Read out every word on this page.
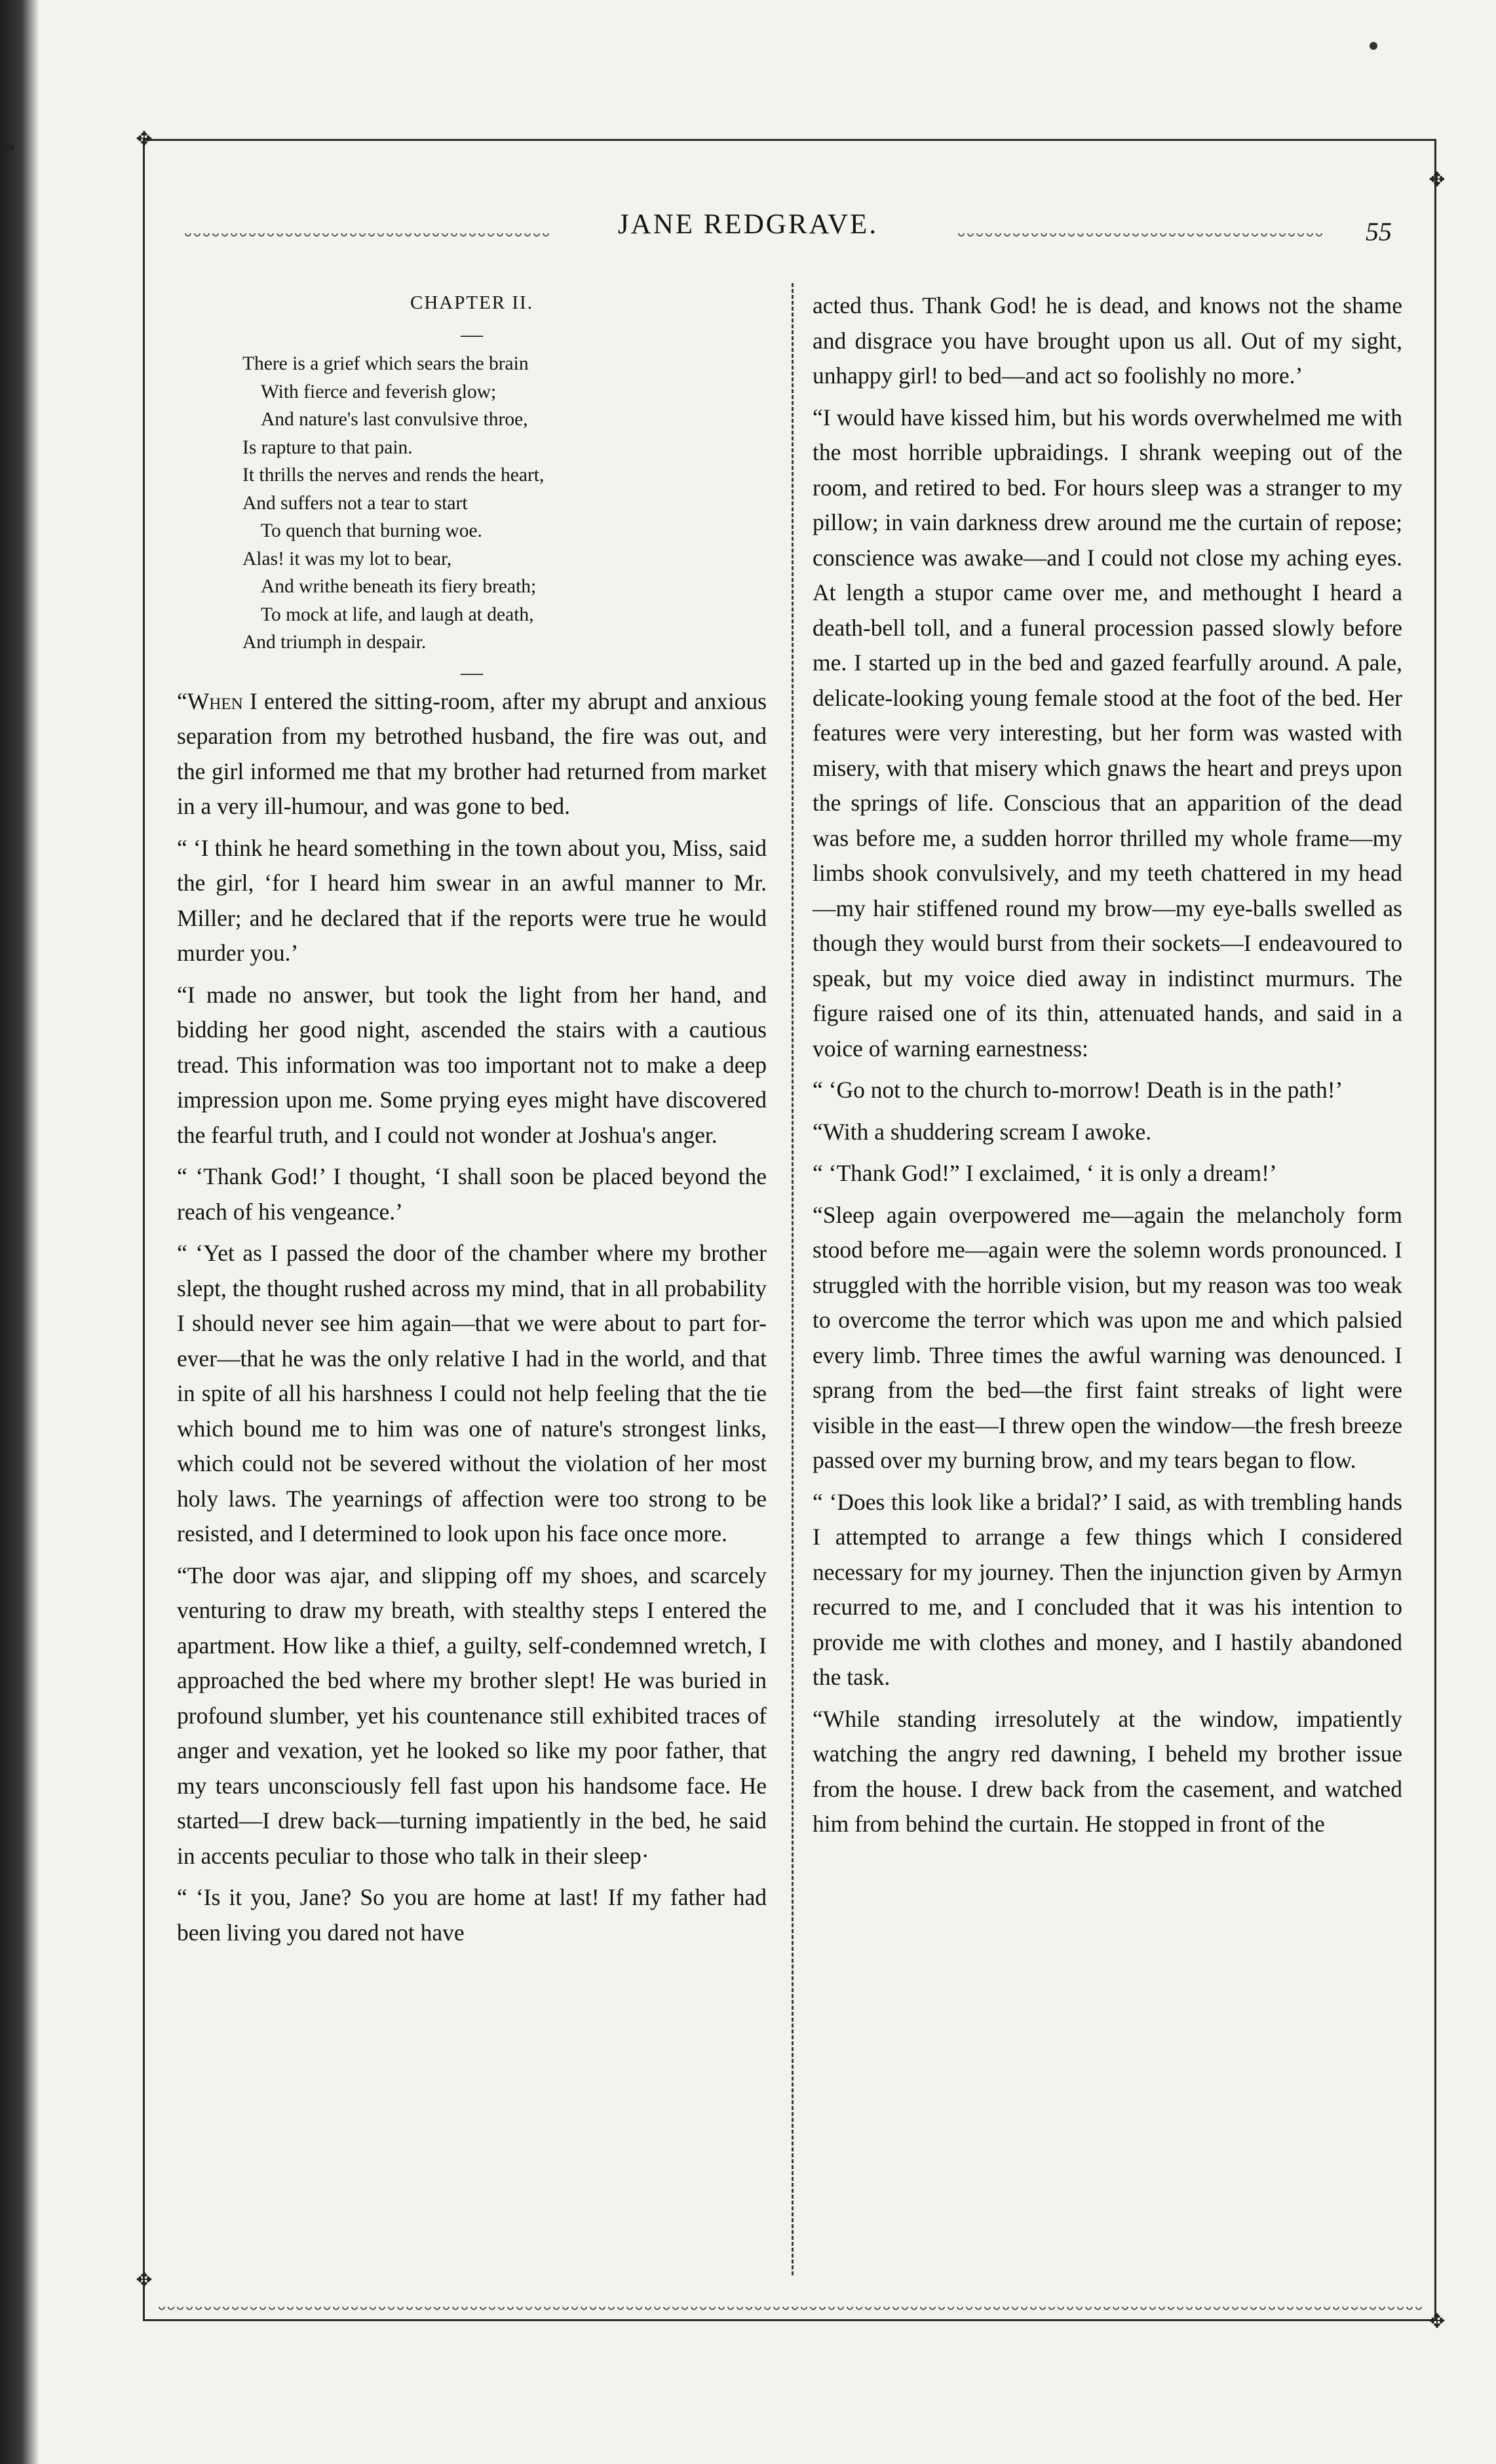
✥
✥
✥
✥
JANE REDGRAVE.	55
CHAPTER II.
—
There is a grief which sears the brain
With fierce and feverish glow;
And nature's last convulsive throe,
Is rapture to that pain.
It thrills the nerves and rends the heart,
And suffers not a tear to start
To quench that burning woe.
Alas! it was my lot to bear,
And writhe beneath its fiery breath;
To mock at life, and laugh at death,
And triumph in despair.
—
“When I entered the sitting-room, after my abrupt and anxious separation from my betrothed husband, the fire was out, and the girl informed me that my brother had returned from market in a very ill-humour, and was gone to bed.
“ ‘I think he heard something in the town about you, Miss, said the girl, ‘for I heard him swear in an awful manner to Mr. Miller; and he declared that if the reports were true he would murder you.’
“I made no answer, but took the light from her hand, and bidding her good night, ascended the stairs with a cautious tread. This information was too important not to make a deep impression upon me. Some prying eyes might have discovered the fearful truth, and I could not wonder at Joshua's anger.
“ ‘Thank God!’ I thought, ‘I shall soon be placed beyond the reach of his vengeance.’
“ ‘Yet as I passed the door of the chamber where my brother slept, the thought rushed across my mind, that in all probability I should never see him again—that we were about to part for-ever—that he was the only relative I had in the world, and that in spite of all his harshness I could not help feeling that the tie which bound me to him was one of nature's strongest links, which could not be severed without the violation of her most holy laws. The yearnings of affection were too strong to be resisted, and I determined to look upon his face once more.
“The door was ajar, and slipping off my shoes, and scarcely venturing to draw my breath, with stealthy steps I entered the apartment. How like a thief, a guilty, self-condemned wretch, I approached the bed where my brother slept! He was buried in profound slumber, yet his countenance still exhibited traces of anger and vexation, yet he looked so like my poor father, that my tears unconsciously fell fast upon his handsome face. He started—I drew back—turning impatiently in the bed, he said in accents peculiar to those who talk in their sleep·
“ ‘Is it you, Jane? So you are home at last! If my father had been living you dared not have
acted thus. Thank God! he is dead, and knows not the shame and disgrace you have brought upon us all. Out of my sight, unhappy girl! to bed—and act so foolishly no more.’
“I would have kissed him, but his words overwhelmed me with the most horrible upbraidings. I shrank weeping out of the room, and retired to bed. For hours sleep was a stranger to my pillow; in vain darkness drew around me the curtain of repose; conscience was awake—and I could not close my aching eyes. At length a stupor came over me, and methought I heard a death-bell toll, and a funeral procession passed slowly before me. I started up in the bed and gazed fearfully around. A pale, delicate-looking young female stood at the foot of the bed. Her features were very interesting, but her form was wasted with misery, with that misery which gnaws the heart and preys upon the springs of life. Conscious that an apparition of the dead was before me, a sudden horror thrilled my whole frame—my limbs shook convulsively, and my teeth chattered in my head—my hair stiffened round my brow—my eye-balls swelled as though they would burst from their sockets—I endeavoured to speak, but my voice died away in indistinct murmurs. The figure raised one of its thin, attenuated hands, and said in a voice of warning earnestness:
“ ‘Go not to the church to-morrow! Death is in the path!’
“With a shuddering scream I awoke.
“ ‘Thank God!” I exclaimed, ‘ it is only a dream!’
“Sleep again overpowered me—again the melancholy form stood before me—again were the solemn words pronounced. I struggled with the horrible vision, but my reason was too weak to overcome the terror which was upon me and which palsied every limb. Three times the awful warning was denounced. I sprang from the bed—the first faint streaks of light were visible in the east—I threw open the window—the fresh breeze passed over my burning brow, and my tears began to flow.
“ ‘Does this look like a bridal?’ I said, as with trembling hands I attempted to arrange a few things which I considered necessary for my journey. Then the injunction given by Armyn recurred to me, and I concluded that it was his intention to provide me with clothes and money, and I hastily abandoned the task.
“While standing irresolutely at the window, impatiently watching the angry red dawning, I beheld my brother issue from the house. I drew back from the casement, and watched him from behind the curtain. He stopped in front of the
